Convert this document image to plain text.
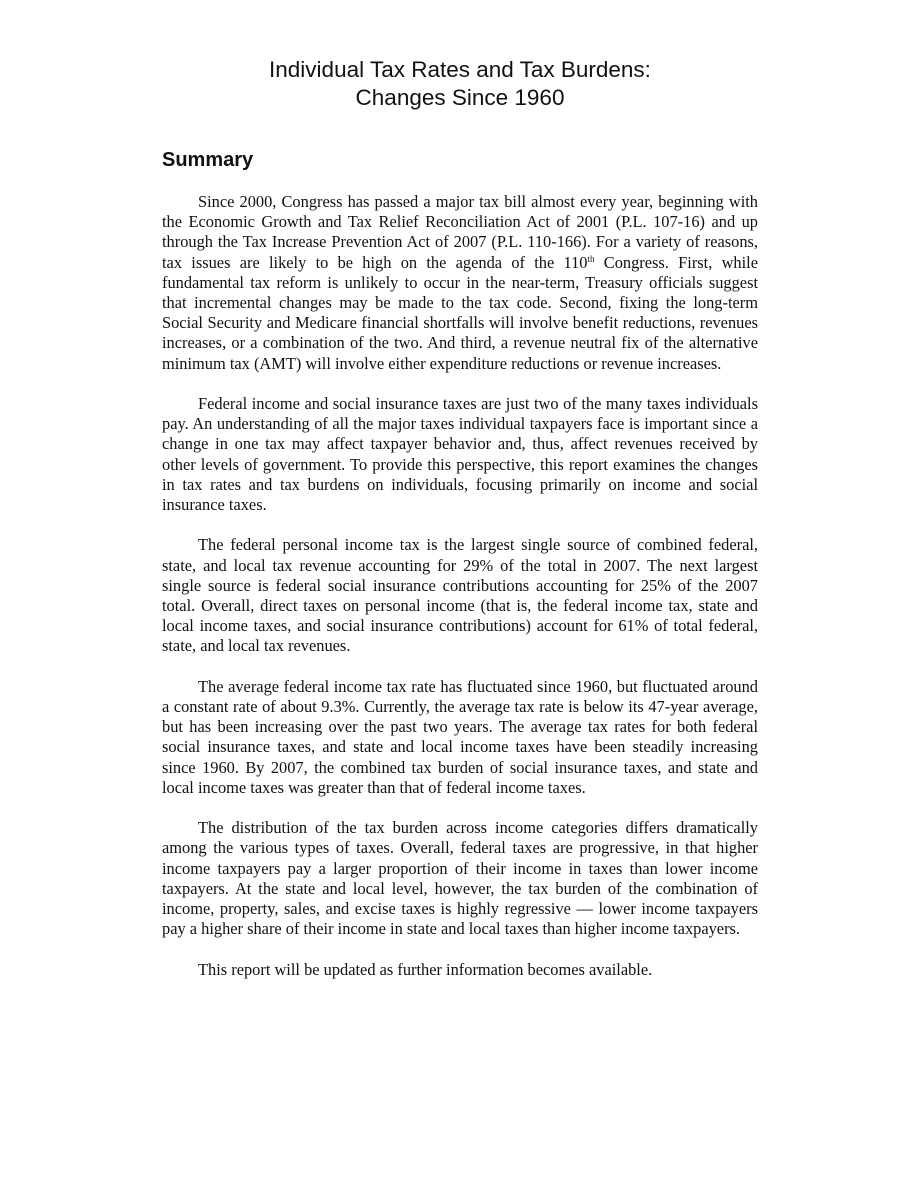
Individual Tax Rates and Tax Burdens:
Changes Since 1960
Summary

Since 2000, Congress has passed a major tax bill almost every year, beginning with the Economic Growth and Tax Relief Reconciliation Act of 2001 (P.L. 107-16) and up through the Tax Increase Prevention Act of 2007 (P.L. 110-166). For a variety of reasons, tax issues are likely to be high on the agenda of the 110th Congress. First, while fundamental tax reform is unlikely to occur in the near-term, Treasury officials suggest that incremental changes may be made to the tax code. Second, fixing the long-term Social Security and Medicare financial shortfalls will involve benefit reductions, revenues increases, or a combination of the two. And third, a revenue neutral fix of the alternative minimum tax (AMT) will involve either expenditure reductions or revenue increases.

Federal income and social insurance taxes are just two of the many taxes individuals pay. An understanding of all the major taxes individual taxpayers face is important since a change in one tax may affect taxpayer behavior and, thus, affect revenues received by other levels of government. To provide this perspective, this report examines the changes in tax rates and tax burdens on individuals, focusing primarily on income and social insurance taxes.

The federal personal income tax is the largest single source of combined federal, state, and local tax revenue accounting for 29% of the total in 2007. The next largest single source is federal social insurance contributions accounting for 25% of the 2007 total. Overall, direct taxes on personal income (that is, the federal income tax, state and local income taxes, and social insurance contributions) account for 61% of total federal, state, and local tax revenues.

The average federal income tax rate has fluctuated since 1960, but fluctuated around a constant rate of about 9.3%. Currently, the average tax rate is below its 47-year average, but has been increasing over the past two years. The average tax rates for both federal social insurance taxes, and state and local income taxes have been steadily increasing since 1960. By 2007, the combined tax burden of social insurance taxes, and state and local income taxes was greater than that of federal income taxes.

The distribution of the tax burden across income categories differs dramatically among the various types of taxes. Overall, federal taxes are progressive, in that higher income taxpayers pay a larger proportion of their income in taxes than lower income taxpayers. At the state and local level, however, the tax burden of the combination of income, property, sales, and excise taxes is highly regressive — lower income taxpayers pay a higher share of their income in state and local taxes than higher income taxpayers.

This report will be updated as further information becomes available.
